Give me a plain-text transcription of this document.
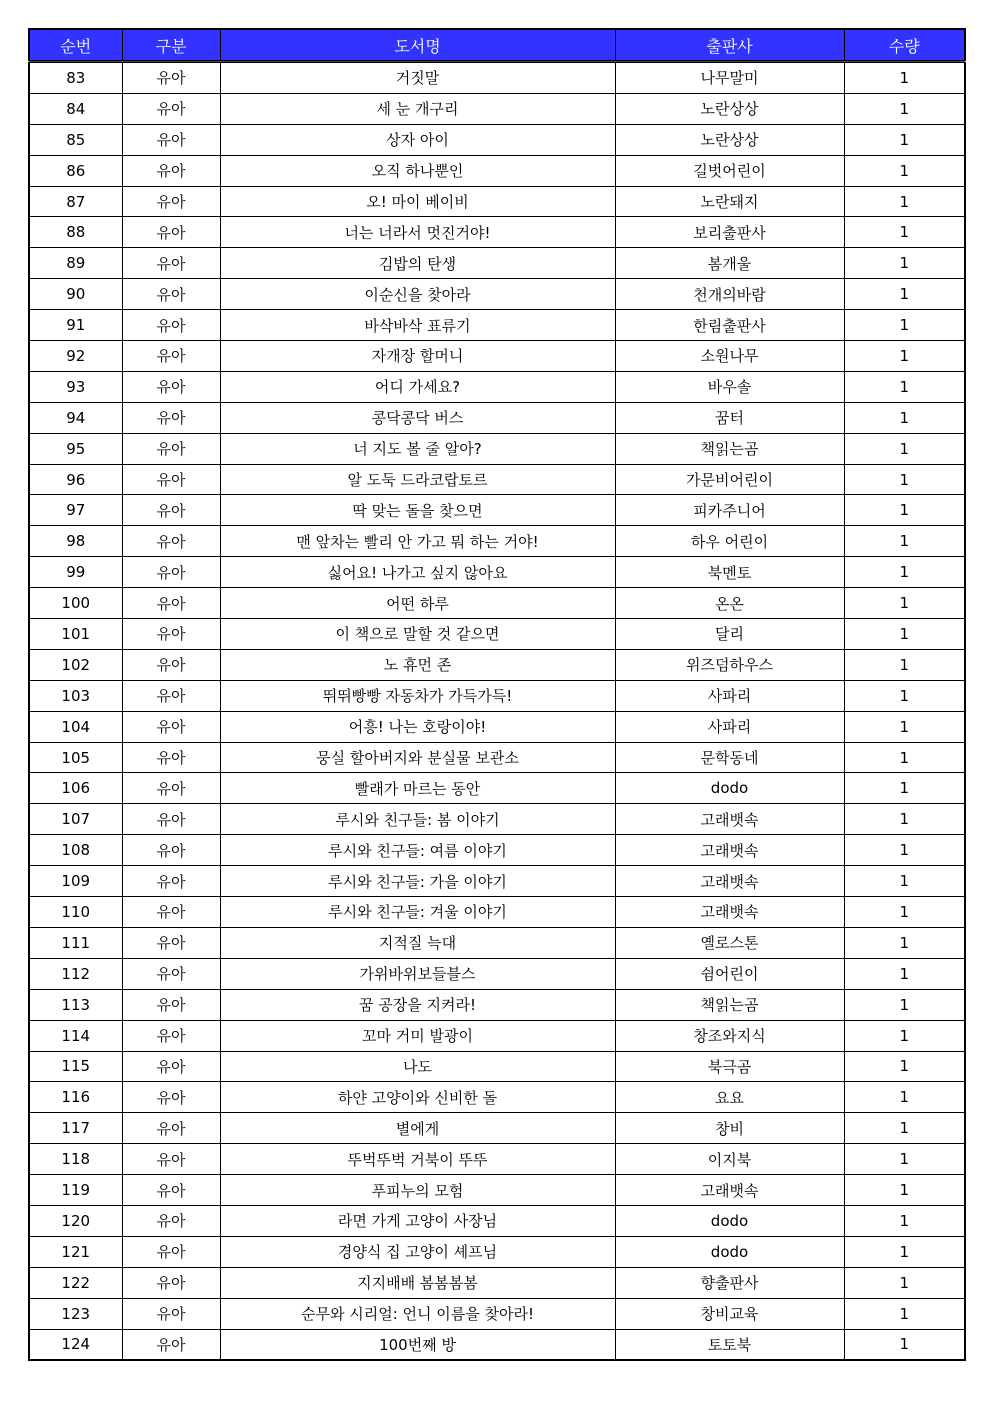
순번	구분	도서명	출판사	수량
83	유아	거짓말	나무말미	1
84	유아	세 눈 개구리	노란상상	1
85	유아	상자 아이	노란상상	1
86	유아	오직 하나뿐인	길벗어린이	1
87	유아	오! 마이 베이비	노란돼지	1
88	유아	너는 너라서 멋진거야!	보리출판사	1
89	유아	김밥의 탄생	봄개울	1
90	유아	이순신을 찾아라	천개의바람	1
91	유아	바삭바삭 표류기	한림출판사	1
92	유아	자개장 할머니	소원나무	1
93	유아	어디 가세요?	바우솔	1
94	유아	콩닥콩닥 버스	꿈터	1
95	유아	너 지도 볼 줄 알아?	책읽는곰	1
96	유아	알 도둑 드라코랍토르	가문비어린이	1
97	유아	딱 맞는 돌을 찾으면	피카주니어	1
98	유아	맨 앞차는 빨리 안 가고 뭐 하는 거야!	하우 어린이	1
99	유아	싫어요! 나가고 싶지 않아요	북멘토	1
100	유아	어떤 하루	온온	1
101	유아	이 책으로 말할 것 같으면	달리	1
102	유아	노 휴먼 존	위즈덤하우스	1
103	유아	뛰뛰빵빵 자동차가 가득가득!	사파리	1
104	유아	어흥! 나는 호랑이야!	사파리	1
105	유아	뭉실 할아버지와 분실물 보관소	문학동네	1
106	유아	빨래가 마르는 동안	dodo	1
107	유아	루시와 친구들: 봄 이야기	고래뱃속	1
108	유아	루시와 친구들: 여름 이야기	고래뱃속	1
109	유아	루시와 친구들: 가을 이야기	고래뱃속	1
110	유아	루시와 친구들: 겨울 이야기	고래뱃속	1
111	유아	지적질 늑대	옐로스톤	1
112	유아	가위바위보들블스	쉼어린이	1
113	유아	꿈 공장을 지켜라!	책읽는곰	1
114	유아	꼬마 거미 발광이	창조와지식	1
115	유아	나도	북극곰	1
116	유아	하얀 고양이와 신비한 돌	요요	1
117	유아	별에게	창비	1
118	유아	뚜벅뚜벅 거북이 뚜뚜	이지북	1
119	유아	푸피누의 모험	고래뱃속	1
120	유아	라면 가게 고양이 사장님	dodo	1
121	유아	경양식 집 고양이 셰프님	dodo	1
122	유아	지지배배 봄봄봄봄	향출판사	1
123	유아	순무와 시리얼: 언니 이름을 찾아라!	창비교육	1
124	유아	100번째 방	토토북	1
